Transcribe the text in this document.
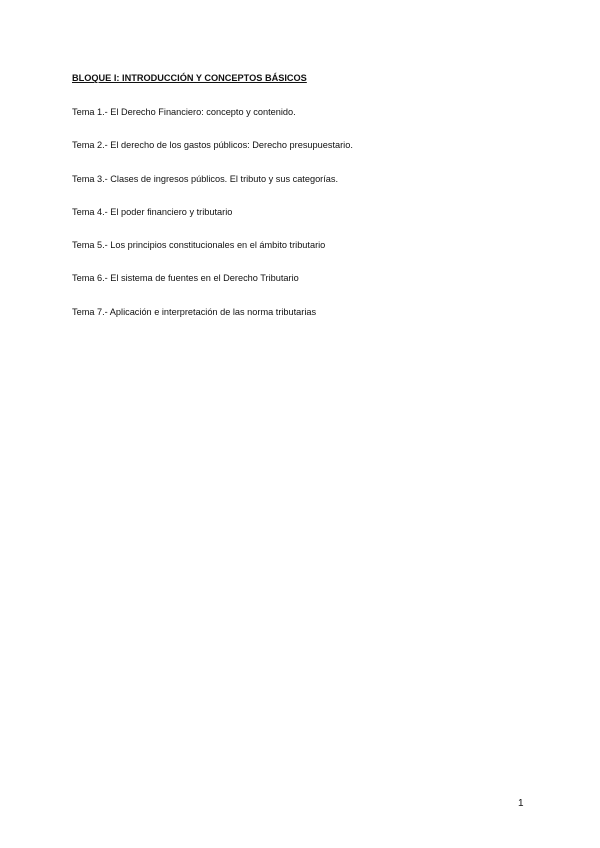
BLOQUE I: INTRODUCCIÓN Y CONCEPTOS BÁSICOS
Tema 1.- El Derecho Financiero: concepto y contenido.
Tema 2.- El derecho de los gastos públicos: Derecho presupuestario.
Tema 3.- Clases de ingresos públicos. El tributo y sus categorías.
Tema 4.- El poder financiero y tributario
Tema 5.- Los principios constitucionales en el ámbito tributario
Tema 6.- El sistema de fuentes en el Derecho Tributario
Tema 7.- Aplicación e interpretación de las norma tributarias
1
